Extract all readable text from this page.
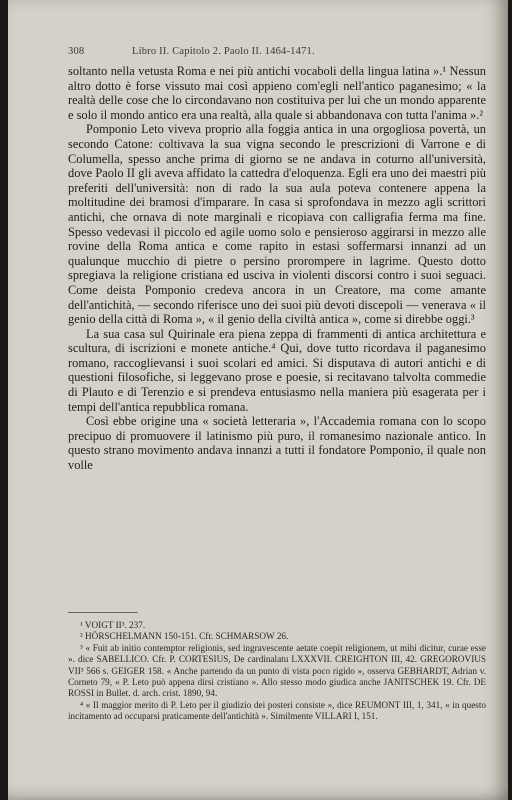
308	Libro II. Capitolo 2. Paolo II. 1464-1471.

soltanto nella vetusta Roma e nei più antichi vocaboli della lingua latina ».¹ Nessun altro dotto è forse vissuto mai così appieno com'egli nell'antico paganesimo; « la realtà delle cose che lo circondavano non costituiva per lui che un mondo apparente e solo il mondo antico era una realtà, alla quale si abbandonava con tutta l'anima ».²

Pomponio Leto viveva proprio alla foggia antica in una orgogliosa povertà, un secondo Catone: coltivava la sua vigna secondo le prescrizioni di Varrone e di Columella, spesso anche prima di giorno se ne andava in coturno all'università, dove Paolo II gli aveva affidato la cattedra d'eloquenza. Egli era uno dei maestri più preferiti dell'università: non di rado la sua aula poteva contenere appena la moltitudine dei bramosi d'imparare. In casa si sprofondava in mezzo agli scrittori antichi, che ornava di note marginali e ricopiava con calligrafia ferma ma fine. Spesso vedevasi il piccolo ed agile uomo solo e pensieroso aggirarsi in mezzo alle rovine della Roma antica e come rapito in estasi soffermarsi innanzi ad un qualunque mucchio di pietre o persino prorompere in lagrime. Questo dotto spregiava la religione cristiana ed usciva in violenti discorsi contro i suoi seguaci. Come deista Pomponio credeva ancora in un Creatore, ma come amante dell'antichità, — secondo riferisce uno dei suoi più devoti discepoli — venerava « il genio della città di Roma », « il genio della civiltà antica », come si direbbe oggi.³

La sua casa sul Quirinale era piena zeppa di frammenti di antica architettura e scultura, di iscrizioni e monete antiche.⁴ Qui, dove tutto ricordava il paganesimo romano, raccoglievansi i suoi scolari ed amici. Si disputava di autori antichi e di questioni filosofiche, si leggevano prose e poesie, si recitavano talvolta commedie di Plauto e di Terenzio e si prendeva entusiasmo nella maniera più esagerata per i tempi dell'antica repubblica romana.

Così ebbe origine una « società letteraria », l'Accademia romana con lo scopo precipuo di promuovere il latinismo più puro, il romanesimo nazionale antico. In questo strano movimento andava innanzi a tutti il fondatore Pomponio, il quale non volle

¹ VOIGT II³. 237.
² HÖRSCHELMANN 150-151. Cfr. SCHMARSOW 26.
³ « Fuit ab initio contemptor religionis, sed ingravescente aetate coepit religionem, ut mihi dicitur, curae esse ». dice SABELLICO. Cfr. P. CORTESIUS, De cardinalatu LXXXVII. CREIGHTON III, 42. GREGOROVIUS VII³ 566 s. GEIGER 158. « Anche partendo da un punto di vista poco rigido », osserva GEBHARDT, Adrian v. Corneto 79, « P. Leto può appena dirsi cristiano ». Allo stesso modo giudica anche JANITSCHEK 19. Cfr. DE ROSSI in Bullet. d. arch. crist. 1890, 94.
⁴ « Il maggior merito di P. Leto per il giudizio dei posteri consiste », dice REUMONT III, 1, 341, « in questo incitamento ad occuparsi praticamente dell'antichità ». Similmente VILLARI I, 151.
